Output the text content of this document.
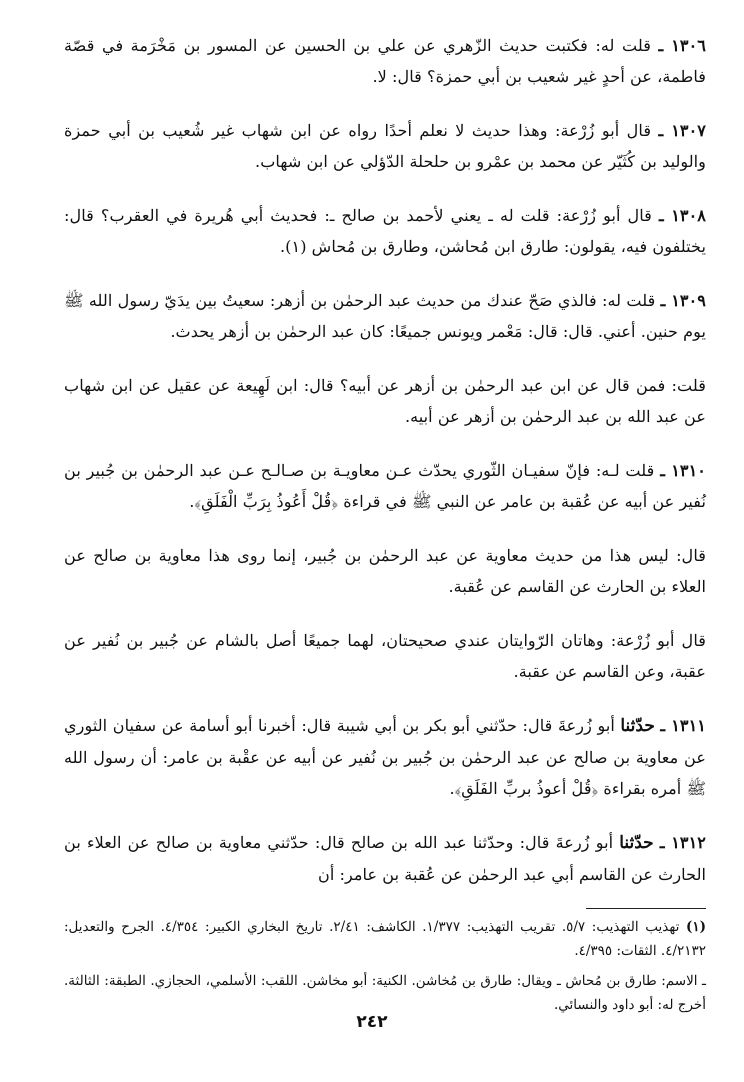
١٣٠٦ ـ قلت له: فكتبت حديث الزّهري عن علي بن الحسين عن المسور بن مَخْرَمة في قصّة فاطمة، عن أحدٍ غير شعيب بن أبي حمزة؟ قال: لا.

١٣٠٧ ـ قال أبو زُرْعة: وهذا حديث لا نعلم أحدًا رواه عن ابن شهاب غير شُعيب بن أبي حمزة والوليد بن كُثَيّر عن محمد بن عمْرو بن حلحلة الدّؤلي عن ابن شهاب.

١٣٠٨ ـ قال أبو زُرْعة: قلت له ـ يعني لأحمد بن صالح ـ: فحديث أبي هُريرة في العقرب؟ قال: يختلفون فيه، يقولون: طارق ابن مُحاشن، وطارق بن مُحاش (١).

١٣٠٩ ـ قلت له: فالذي صَحّ عندك من حديث عبد الرحمٰن بن أزهر: سعيتُ بين يدَيّ رسول الله ﷺ يوم حنين. أعني. قال: قال: مَعْمر ويونس جميعًا: كان عبد الرحمٰن بن أزهر يحدث.

قلت: فمن قال عن ابن عبد الرحمٰن بن أزهر عن أبيه؟ قال: ابن لَهِيعة عن عقيل عن ابن شهاب عن عبد الله بن عبد الرحمٰن بن أزهر عن أبيه.

١٣١٠ ـ قلت لـه: فإنّ سفيـان الثّوري يحدّث عـن معاويـة بن صـالـح عـن عبد الرحمٰن بن جُبير بن نُفير عن أبيه عن عُقبة بن عامر عن النبي ﷺ في قراءة ﴿قُلْ أَعُوذُ بِرَبِّ الْفَلَقِ﴾.

قال: ليس هذا من حديث معاوية عن عبد الرحمٰن بن جُبير، إنما روى هذا معاوية بن صالح عن العلاء بن الحارث عن القاسم عن عُقبة.

قال أبو زُرْعة: وهاتان الرّوايتان عندي صحيحتان، لهما جميعًا أصل بالشام عن جُبير بن نُفير عن عقبة، وعن القاسم عن عقبة.

١٣١١ ـ حدّثنا أبو زُرعةَ قال: حدّثني أبو بكر بن أبي شيبة قال: أخبرنا أبو أسامة عن سفيان الثوري عن معاوية بن صالح عن عبد الرحمٰن بن جُبير بن نُفير عن أبيه عن عقْبة بن عامر: أن رسول الله ﷺ أمره بقراءة ﴿قُلْ أعوذُ بربِّ الفَلَقِ﴾.

١٣١٢ ـ حدّثنا أبو زُرعةَ قال: وحدّثنا عبد الله بن صالح قال: حدّثني معاوية بن صالح عن العلاء بن الحارث عن القاسم أبي عبد الرحمٰن عن عُقبة بن عامر: أن

(١) تهذيب التهذيب: ٥/٧. تقريب التهذيب: ١/٣٧٧. الكاشف: ٢/٤١. تاريخ البخاري الكبير: ٤/٣٥٤. الجرح والتعديل: ٤/٢١٣٢. الثقات: ٤/٣٩٥.

ـ الاسم: طارق بن مُحاش ـ ويقال: طارق بن مُخاشن. الكنية: أبو مخاشن. اللقب: الأسلمي، الحجازي. الطبقة: الثالثة. أخرج له: أبو داود والنسائي.

٢٤٢
